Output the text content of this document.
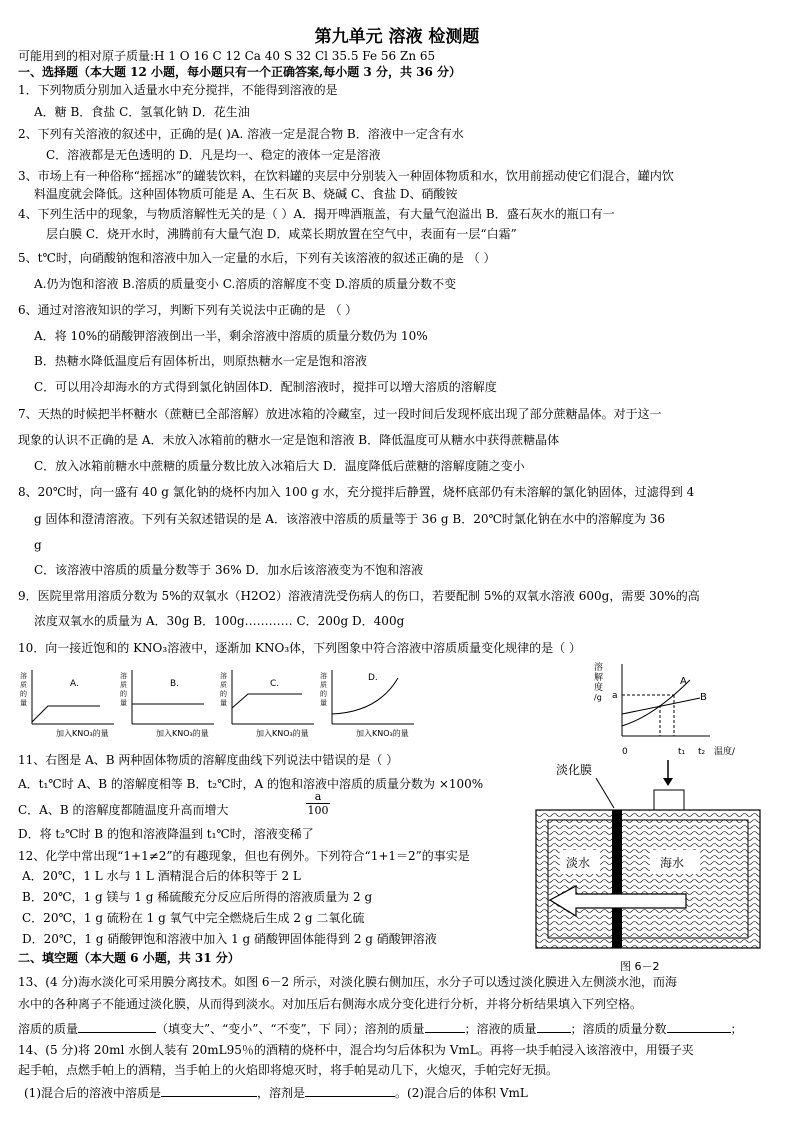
第九单元 溶液 检测题
可能用到的相对原子质量:H 1 O 16 C 12 Ca 40 S 32 Cl 35.5 Fe 56 Zn 65
一、选择题（本大题 12 小题，每小题只有一个正确答案,每小题 3 分，共 36 分）
1．下列物质分别加入适量水中充分搅拌，不能得到溶液的是
A．糖 B．食盐 C．氢氧化钠 D．花生油
2、下列有关溶液的叙述中，正确的是( )A. 溶液一定是混合物 B．溶液中一定含有水
C．溶液都是无色透明的 D．凡是均一、稳定的液体一定是溶液
3、市场上有一种俗称“摇摇冰”的罐装饮料，在饮料罐的夹层中分别装入一种固体物质和水，饮用前摇动使它们混合，罐内饮
料温度就会降低。这种固体物质可能是 A、生石灰 B、烧碱 C、食盐 D、硝酸铵
4、下列生活中的现象，与物质溶解性无关的是（ ）A．揭开啤酒瓶盖，有大量气泡溢出 B．盛石灰水的瓶口有一
层白膜 C．烧开水时，沸腾前有大量气泡 D．咸菜长期放置在空气中，表面有一层“白霜”
5、t℃时，向硝酸钠饱和溶液中加入一定量的水后，下列有关该溶液的叙述正确的是 （ ）
A.仍为饱和溶液 B.溶质的质量变小 C.溶质的溶解度不变 D.溶质的质量分数不变
6、通过对溶液知识的学习，判断下列有关说法中正确的是 （ ）
A．将 10%的硝酸钾溶液倒出一半，剩余溶液中溶质的质量分数仍为 10%
B．热糖水降低温度后有固体析出，则原热糖水一定是饱和溶液
C．可以用冷却海水的方式得到氯化钠固体D．配制溶液时，搅拌可以增大溶质的溶解度
7、天热的时候把半杯糖水（蔗糖已全部溶解）放进冰箱的冷藏室，过一段时间后发现杯底出现了部分蔗糖晶体。对于这一
现象的认识不正确的是 A．未放入冰箱前的糖水一定是饱和溶液 B．降低温度可从糖水中获得蔗糖晶体
C．放入冰箱前糖水中蔗糖的质量分数比放入冰箱后大 D．温度降低后蔗糖的溶解度随之变小
8、20℃时，向一盛有 40 g 氯化钠的烧杯内加入 100 g 水，充分搅拌后静置，烧杯底部仍有未溶解的氯化钠固体，过滤得到 4
g 固体和澄清溶液。下列有关叙述错误的是 A．该溶液中溶质的质量等于 36 g B．20℃时氯化钠在水中的溶解度为 36
g
C．该溶液中溶质的质量分数等于 36% D．加水后该溶液变为不饱和溶液
9．医院里常用溶质分数为 5%的双氧水（H2O2）溶液清洗受伤病人的伤口，若要配制 5%的双氧水溶液 600g，需要 30%的高
浓度双氧水的质量为 A．30g B．100g………… C．200g D．400g
10．向一接近饱和的 KNO₃溶液中，逐渐加 KNO₃体，下列图象中符合溶液中溶质质量变化规律的是（ ）
溶
质
的
量
A.
加入KNO₃的量
溶
质
的
量
B.
加入KNO₃的量
溶
质
的
量
C.
加入KNO₃的量
溶
质
的
量
D.
加入KNO₃的量
溶
解
度
/g a
A
B
0	t₁ t₂ 温度/
11、右图是 A、B 两种固体物质的溶解度曲线下列说法中错误的是（ ）
A．t₁℃时 A、B 的溶解度相等 B．t₂℃时，A 的饱和溶液中溶质的质量分数为 ×100%
$\frac{a}{100}$
C．A、B 的溶解度都随温度升高而增大
D．将 t₂℃时 B 的饱和溶液降温到 t₁℃时，溶液变稀了
12、化学中常出现“1+1≠2”的有趣现象，但也有例外。下列符合“1+1＝2”的事实是
A．20℃，1 L 水与 1 L 酒精混合后的体积等于 2 L
B．20℃，1 g 镁与 1 g 稀硫酸充分反应后所得的溶液质量为 2 g
C．20℃，1 g 硫粉在 1 g 氧气中完全燃烧后生成 2 g 二氧化硫
D．20℃，1 g 硝酸钾饱和溶液中加入 1 g 硝酸钾固体能得到 2 g 硝酸钾溶液
淡化膜
淡水	海水
图 6－2
二、填空题（本大题 6 小题，共 31 分）
13、(4 分)海水淡化可采用膜分离技术。如图 6－2 所示，对淡化膜右侧加压，水分子可以透过淡化膜进入左侧淡水池，而海
水中的各种离子不能通过淡化膜，从而得到淡水。对加压后右侧海水成分变化进行分析，并将分析结果填入下列空格。
溶质的质量	（填变大”、“变小”、“不变”，下 同）；溶剂的质量	；溶液的质量	；溶质的质量分数	；
14、(5 分)将 20ml 水倒人装有 20mL95％的酒精的烧杯中，混合均匀后体积为 VmL。再将一块手帕浸入该溶液中，用镊子夹
起手帕，点燃手帕上的酒精，当手帕上的火焰即将熄灭时，将手帕晃动几下，火熄灭，手帕完好无损。
(1)混合后的溶液中溶质是	，溶剂是	。(2)混合后的体积 VmL
